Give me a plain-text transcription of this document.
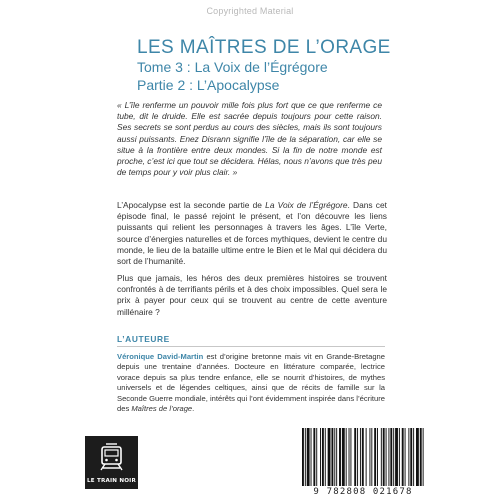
Copyrighted Material
LES MAÎTRES DE L’ORAGE
Tome 3 : La Voix de l’Égrégore
Partie 2 : L’Apocalypse
« L’île renferme un pouvoir mille fois plus fort que ce que renferme ce tube, dit le druide. Elle est sacrée depuis toujours pour cette raison. Ses secrets se sont perdus au cours des siècles, mais ils sont toujours aussi puissants. Enez Disrann signifie l’île de la séparation, car elle se situe à la frontière entre deux mondes. Si la fin de notre monde est proche, c’est ici que tout se décidera. Hélas, nous n’avons que très peu de temps pour y voir plus clair. »
L’Apocalypse est la seconde partie de La Voix de l’Égrégore. Dans cet épisode final, le passé rejoint le présent, et l’on découvre les liens puissants qui relient les personnages à travers les âges. L’île Verte, source d’énergies naturelles et de forces mythiques, devient le centre du monde, le lieu de la bataille ultime entre le Bien et le Mal qui décidera du sort de l’humanité.
Plus que jamais, les héros des deux premières histoires se trouvent confrontés à de terrifiants périls et à des choix impossibles. Quel sera le prix à payer pour ceux qui se trouvent au centre de cette aventure millénaire ?
L’AUTEURE
Véronique David-Martin est d’origine bretonne mais vit en Grande-Bretagne depuis une trentaine d’années. Docteure en littérature comparée, lectrice vorace depuis sa plus tendre enfance, elle se nourrit d’histoires, de mythes universels et de légendes celtiques, ainsi que de récits de famille sur la Seconde Guerre mondiale, intérêts qui l’ont évidemment inspirée dans l’écriture des Maîtres de l’orage.
LE TRAIN NOIR
9 782808 021678
